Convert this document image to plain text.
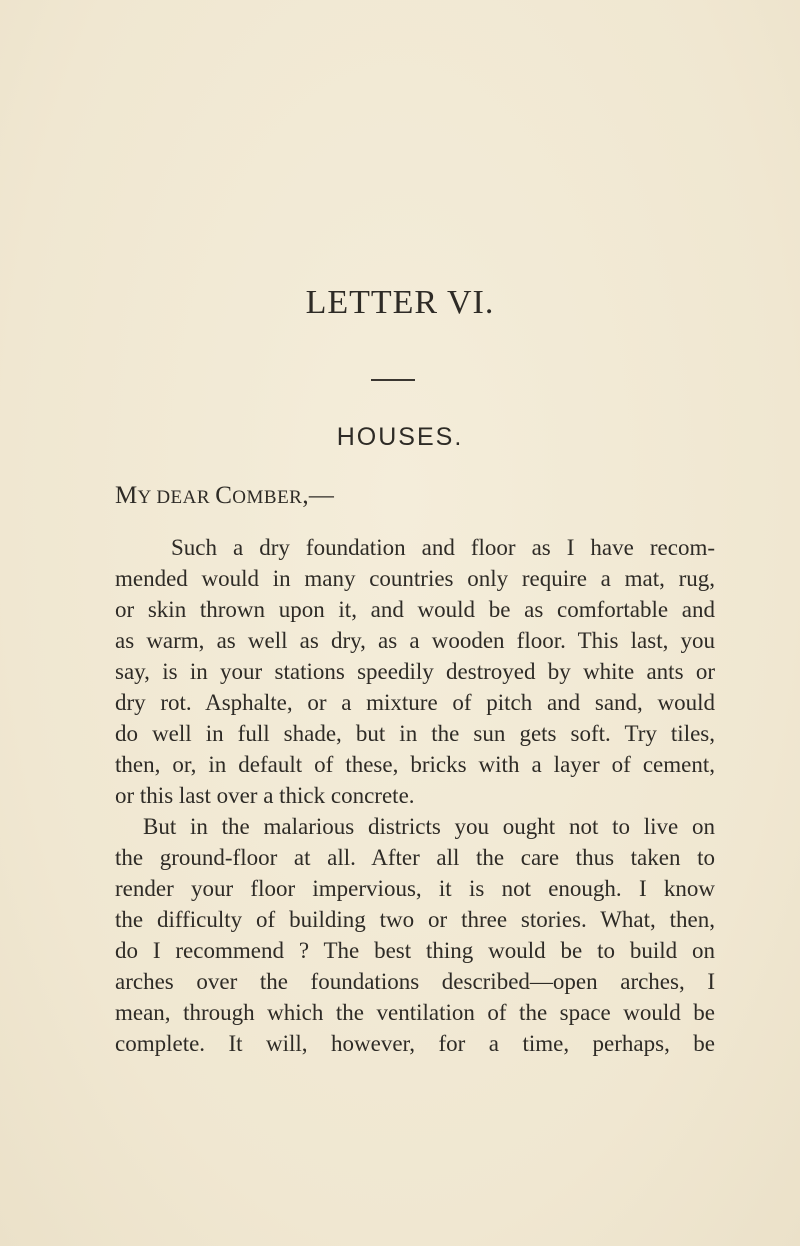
LETTER VI.
HOUSES.
MY DEAR COMBER,—
Such a dry foundation and floor as I have recom-
mended would in many countries only require a mat, rug,
or skin thrown upon it, and would be as comfortable and
as warm, as well as dry, as a wooden floor. This last, you
say, is in your stations speedily destroyed by white ants or
dry rot. Asphalte, or a mixture of pitch and sand, would
do well in full shade, but in the sun gets soft. Try tiles,
then, or, in default of these, bricks with a layer of cement,
or this last over a thick concrete.
But in the malarious districts you ought not to live on
the ground-floor at all. After all the care thus taken to
render your floor impervious, it is not enough. I know
the difficulty of building two or three stories. What, then,
do I recommend ? The best thing would be to build on
arches over the foundations described—open arches, I
mean, through which the ventilation of the space would be
complete. It will, however, for a time, perhaps, be
